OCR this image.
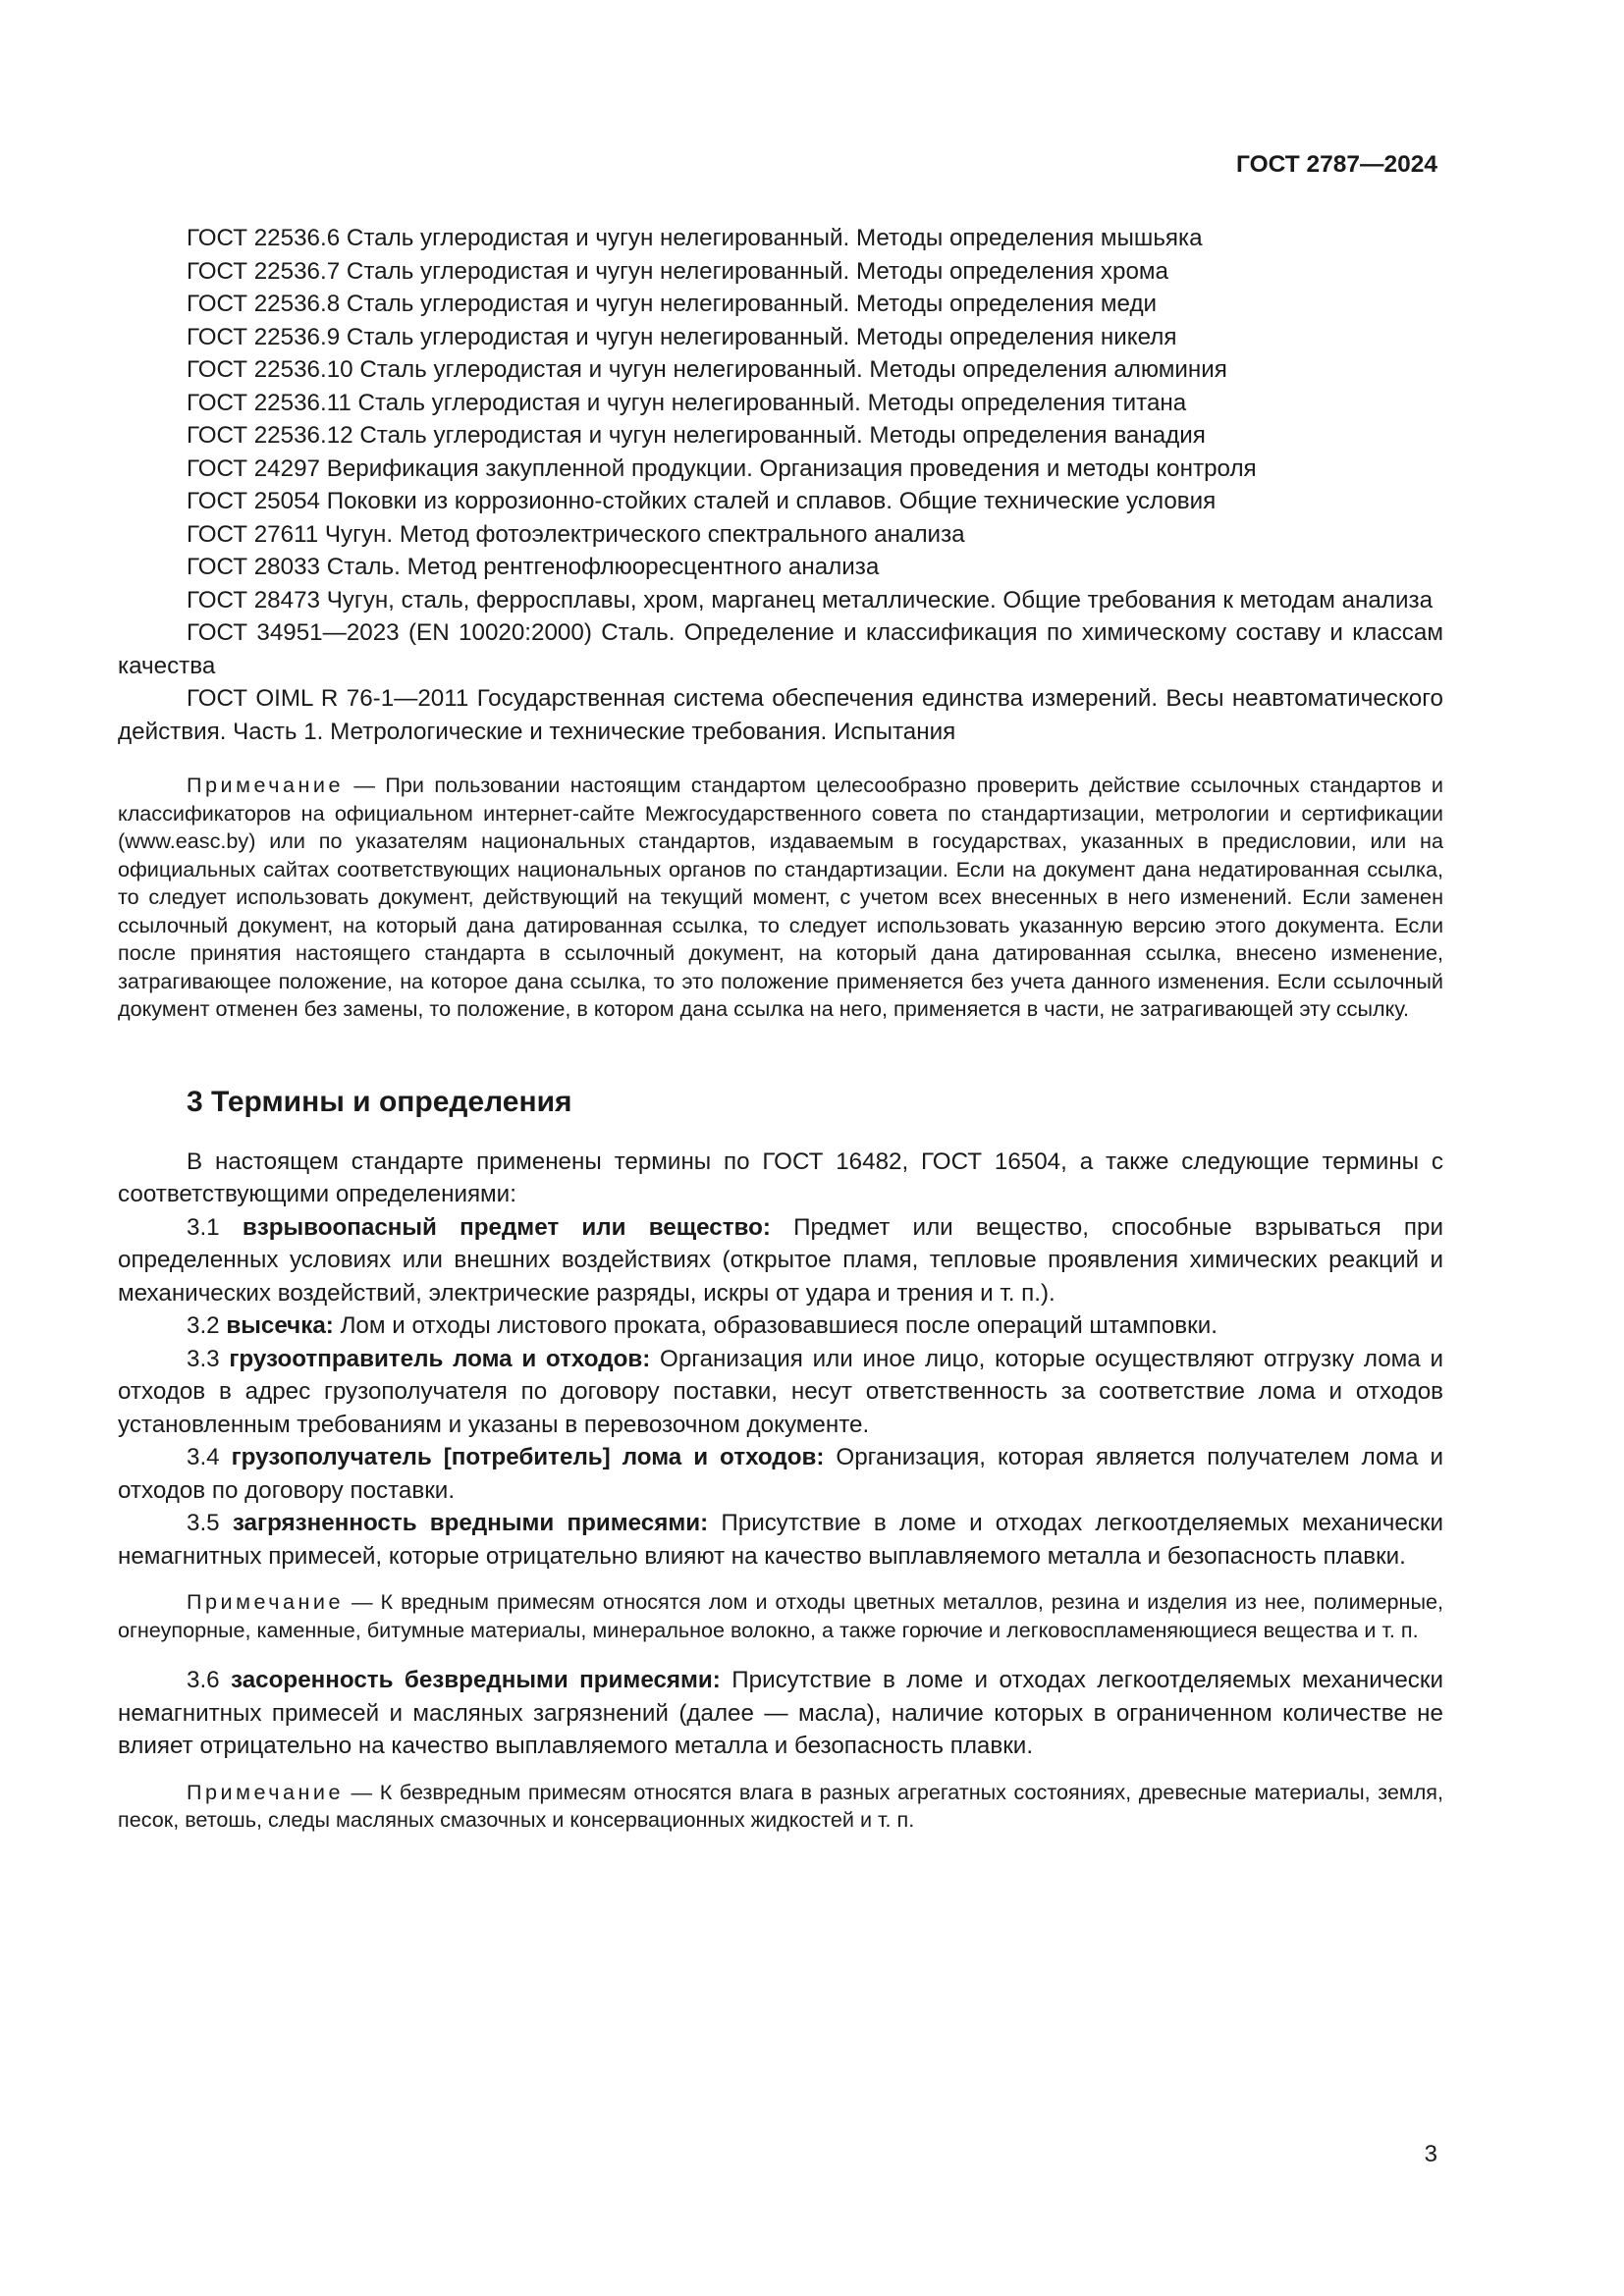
ГОСТ 2787—2024

ГОСТ 22536.6 Сталь углеродистая и чугун нелегированный. Методы определения мышьяка

ГОСТ 22536.7 Сталь углеродистая и чугун нелегированный. Методы определения хрома

ГОСТ 22536.8 Сталь углеродистая и чугун нелегированный. Методы определения меди

ГОСТ 22536.9 Сталь углеродистая и чугун нелегированный. Методы определения никеля

ГОСТ 22536.10 Сталь углеродистая и чугун нелегированный. Методы определения алюминия

ГОСТ 22536.11 Сталь углеродистая и чугун нелегированный. Методы определения титана

ГОСТ 22536.12 Сталь углеродистая и чугун нелегированный. Методы определения ванадия

ГОСТ 24297 Верификация закупленной продукции. Организация проведения и методы контроля

ГОСТ 25054 Поковки из коррозионно-стойких сталей и сплавов. Общие технические условия

ГОСТ 27611 Чугун. Метод фотоэлектрического спектрального анализа

ГОСТ 28033 Сталь. Метод рентгенофлюоресцентного анализа

ГОСТ 28473 Чугун, сталь, ферросплавы, хром, марганец металлические. Общие требования к методам анализа

ГОСТ 34951—2023 (EN 10020:2000) Сталь. Определение и классификация по химическому составу и классам качества

ГОСТ OIML R 76-1—2011 Государственная система обеспечения единства измерений. Весы неавтоматического действия. Часть 1. Метрологические и технические требования. Испытания

Примечание — При пользовании настоящим стандартом целесообразно проверить действие ссылочных стандартов и классификаторов на официальном интернет-сайте Межгосударственного совета по стандартизации, метрологии и сертификации (www.easc.by) или по указателям национальных стандартов, издаваемым в государствах, указанных в предисловии, или на официальных сайтах соответствующих национальных органов по стандартизации. Если на документ дана недатированная ссылка, то следует использовать документ, действующий на текущий момент, с учетом всех внесенных в него изменений. Если заменен ссылочный документ, на который дана датированная ссылка, то следует использовать указанную версию этого документа. Если после принятия настоящего стандарта в ссылочный документ, на который дана датированная ссылка, внесено изменение, затрагивающее положение, на которое дана ссылка, то это положение применяется без учета данного изменения. Если ссылочный документ отменен без замены, то положение, в котором дана ссылка на него, применяется в части, не затрагивающей эту ссылку.

3 Термины и определения

В настоящем стандарте применены термины по ГОСТ 16482, ГОСТ 16504, а также следующие термины с соответствующими определениями:

3.1 взрывоопасный предмет или вещество: Предмет или вещество, способные взрываться при определенных условиях или внешних воздействиях (открытое пламя, тепловые проявления химических реакций и механических воздействий, электрические разряды, искры от удара и трения и т. п.).

3.2 высечка: Лом и отходы листового проката, образовавшиеся после операций штамповки.

3.3 грузоотправитель лома и отходов: Организация или иное лицо, которые осуществляют отгрузку лома и отходов в адрес грузополучателя по договору поставки, несут ответственность за соответствие лома и отходов установленным требованиям и указаны в перевозочном документе.

3.4 грузополучатель [потребитель] лома и отходов: Организация, которая является получателем лома и отходов по договору поставки.

3.5 загрязненность вредными примесями: Присутствие в ломе и отходах легкоотделяемых механически немагнитных примесей, которые отрицательно влияют на качество выплавляемого металла и безопасность плавки.

Примечание — К вредным примесям относятся лом и отходы цветных металлов, резина и изделия из нее, полимерные, огнеупорные, каменные, битумные материалы, минеральное волокно, а также горючие и легковоспламеняющиеся вещества и т. п.

3.6 засоренность безвредными примесями: Присутствие в ломе и отходах легкоотделяемых механически немагнитных примесей и масляных загрязнений (далее — масла), наличие которых в ограниченном количестве не влияет отрицательно на качество выплавляемого металла и безопасность плавки.

Примечание — К безвредным примесям относятся влага в разных агрегатных состояниях, древесные материалы, земля, песок, ветошь, следы масляных смазочных и консервационных жидкостей и т. п.

3
